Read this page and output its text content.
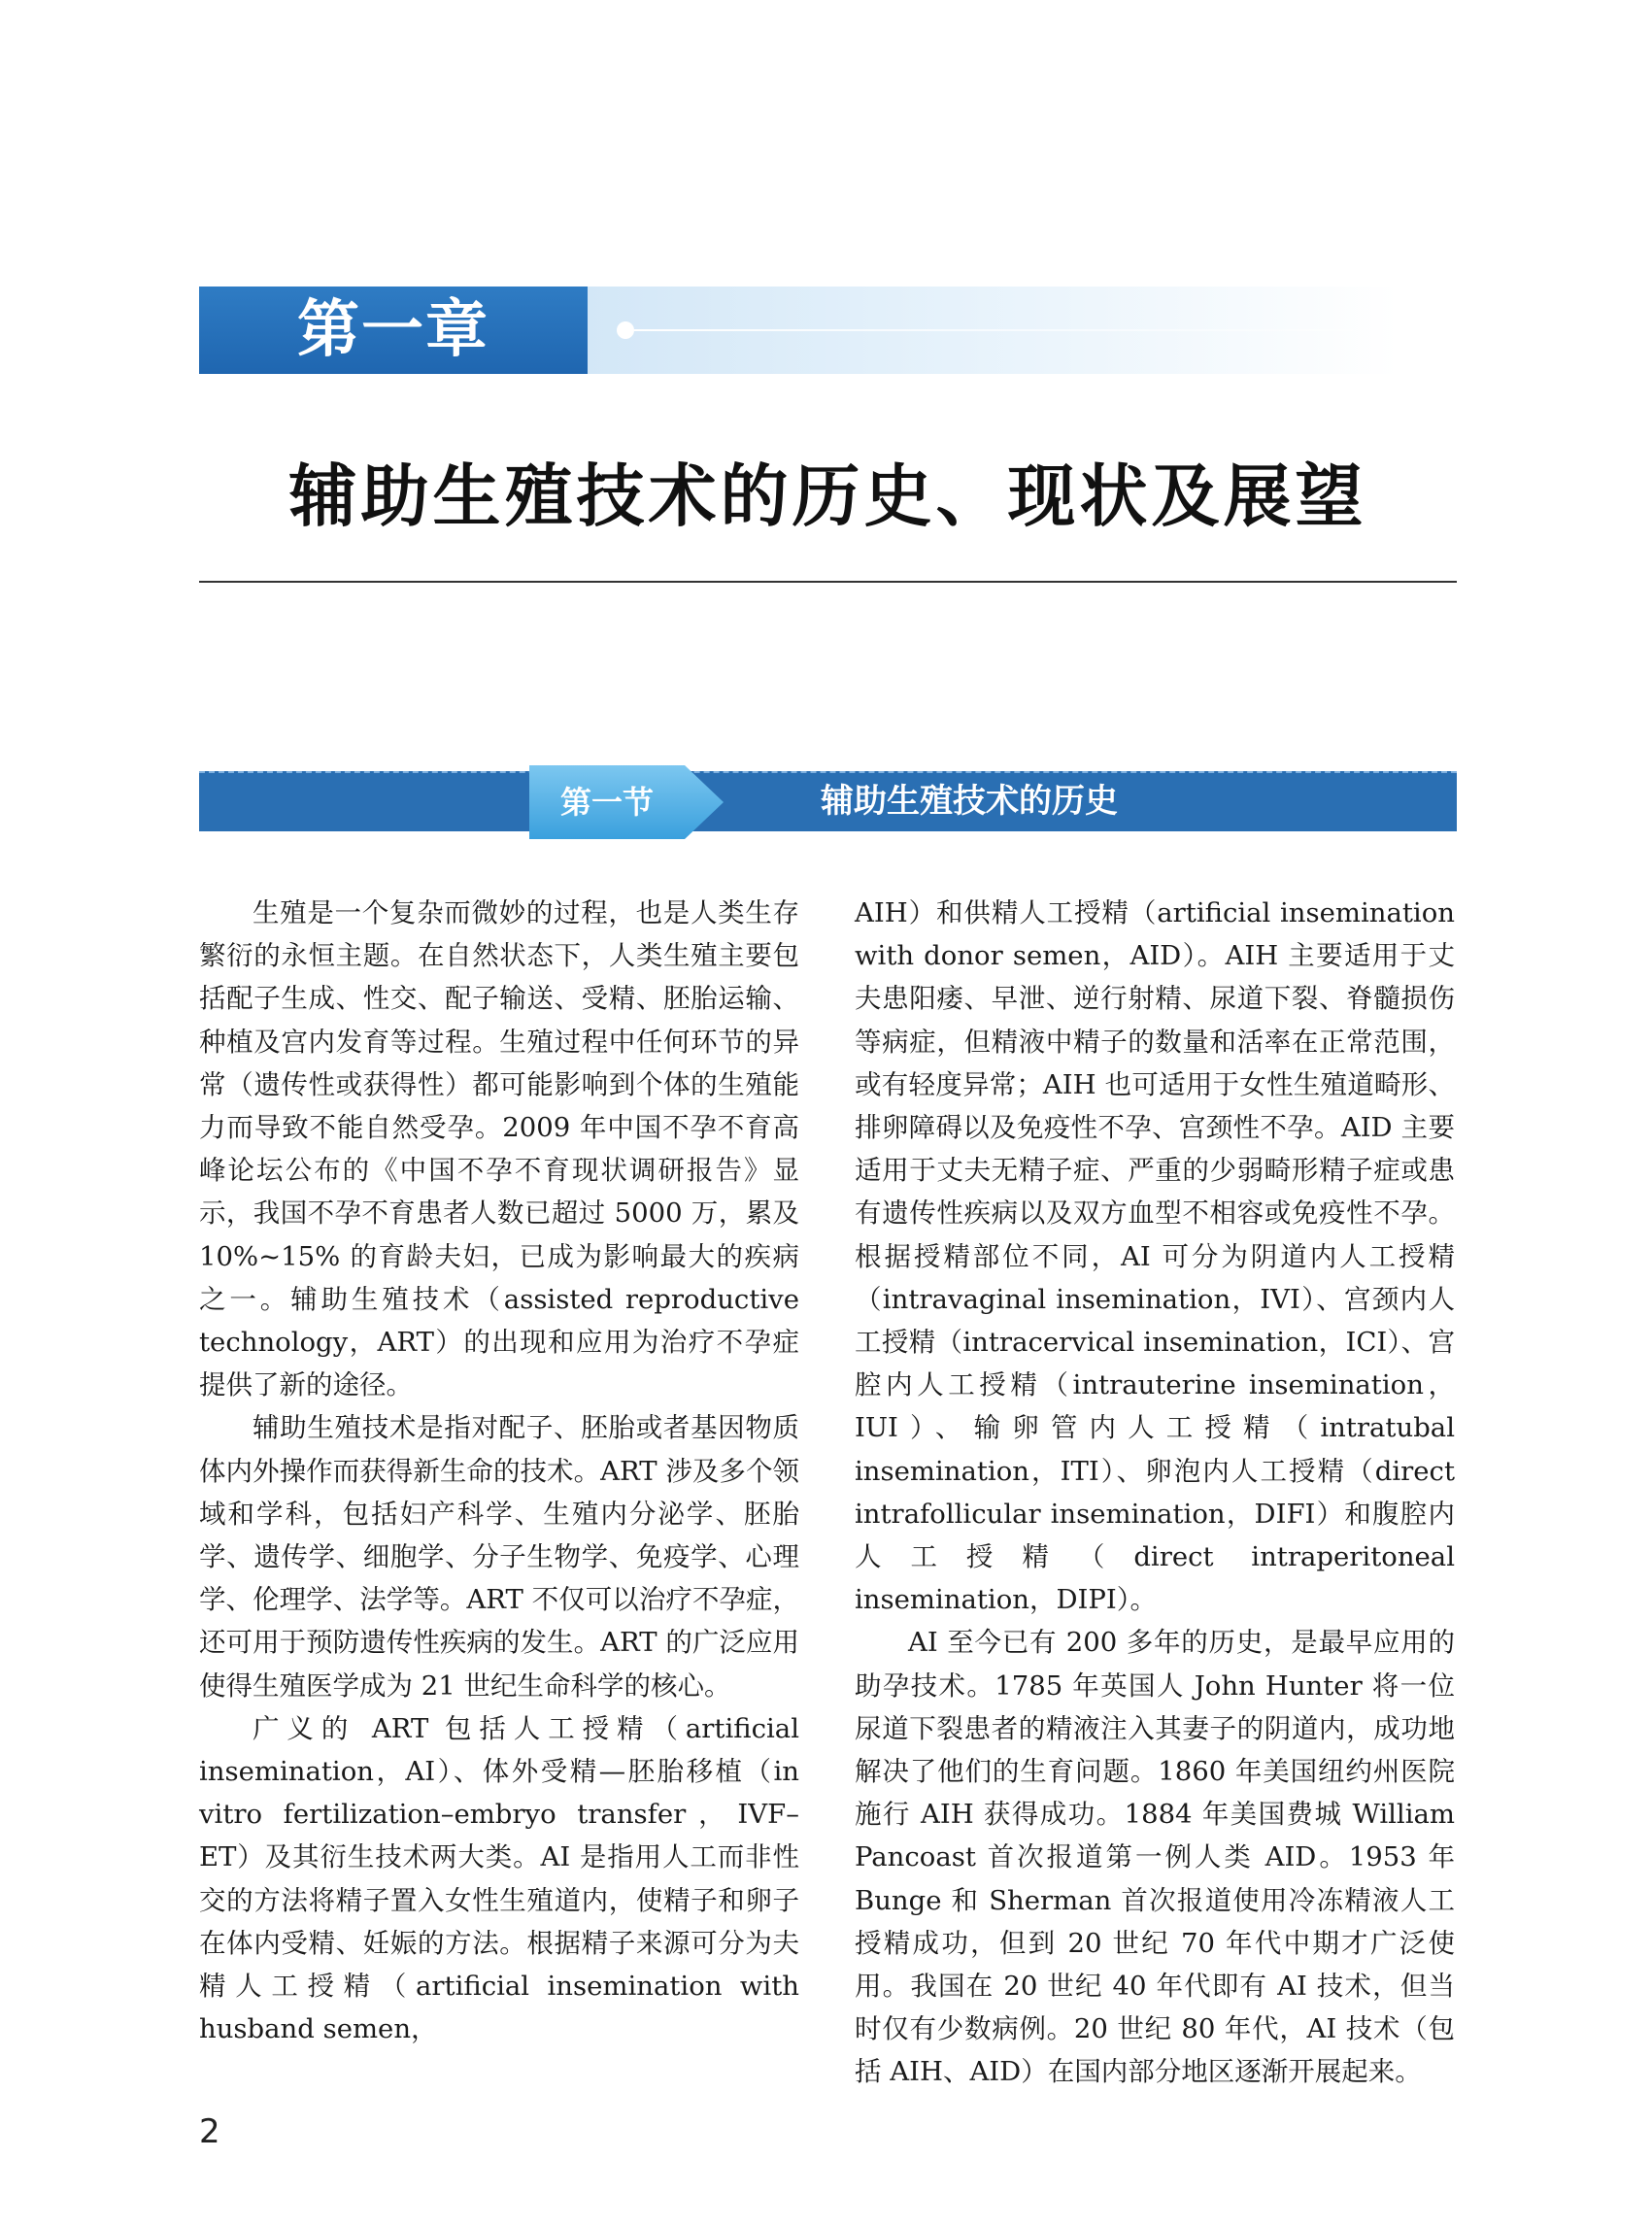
第一章
辅助生殖技术的历史、现状及展望
第一节	辅助生殖技术的历史

生殖是一个复杂而微妙的过程，也是人类生存繁衍的永恒主题。在自然状态下，人类生殖主要包括配子生成、性交、配子输送、受精、胚胎运输、种植及宫内发育等过程。生殖过程中任何环节的异常（遗传性或获得性）都可能影响到个体的生殖能力而导致不能自然受孕。2009 年中国不孕不育高峰论坛公布的《中国不孕不育现状调研报告》显示，我国不孕不育患者人数已超过 5000 万，累及 10%~15% 的育龄夫妇，已成为影响最大的疾病之一。辅助生殖技术（assisted reproductive technology，ART）的出现和应用为治疗不孕症提供了新的途径。

辅助生殖技术是指对配子、胚胎或者基因物质体内外操作而获得新生命的技术。ART 涉及多个领域和学科，包括妇产科学、生殖内分泌学、胚胎学、遗传学、细胞学、分子生物学、免疫学、心理学、伦理学、法学等。ART 不仅可以治疗不孕症，还可用于预防遗传性疾病的发生。ART 的广泛应用使得生殖医学成为 21 世纪生命科学的核心。

广义的 ART 包括人工授精（artificial insemination，AI）、体外受精—胚胎移植（in vitro fertilization–embryo transfer，IVF–ET）及其衍生技术两大类。AI 是指用人工而非性交的方法将精子置入女性生殖道内，使精子和卵子在体内受精、妊娠的方法。根据精子来源可分为夫精人工授精（artificial insemination with husband semen，

AIH）和供精人工授精（artificial insemination with donor semen，AID）。AIH 主要适用于丈夫患阳痿、早泄、逆行射精、尿道下裂、脊髓损伤等病症，但精液中精子的数量和活率在正常范围，或有轻度异常；AIH 也可适用于女性生殖道畸形、排卵障碍以及免疫性不孕、宫颈性不孕。AID 主要适用于丈夫无精子症、严重的少弱畸形精子症或患有遗传性疾病以及双方血型不相容或免疫性不孕。根据授精部位不同，AI 可分为阴道内人工授精（intravaginal insemination，IVI）、宫颈内人工授精（intracervical insemination，ICI）、宫腔内人工授精（intrauterine insemination，IUI）、输卵管内人工授精（intratubal insemination，ITI）、卵泡内人工授精（direct intrafollicular insemination，DIFI）和腹腔内人工授精（direct intraperitoneal insemination，DIPI）。

AI 至今已有 200 多年的历史，是最早应用的助孕技术。1785 年英国人 John Hunter 将一位尿道下裂患者的精液注入其妻子的阴道内，成功地解决了他们的生育问题。1860 年美国纽约州医院施行 AIH 获得成功。1884 年美国费城 William Pancoast 首次报道第一例人类 AID。1953 年 Bunge 和 Sherman 首次报道使用冷冻精液人工授精成功，但到 20 世纪 70 年代中期才广泛使用。我国在 20 世纪 40 年代即有 AI 技术，但当时仅有少数病例。20 世纪 80 年代，AI 技术（包括 AIH、AID）在国内部分地区逐渐开展起来。

2
